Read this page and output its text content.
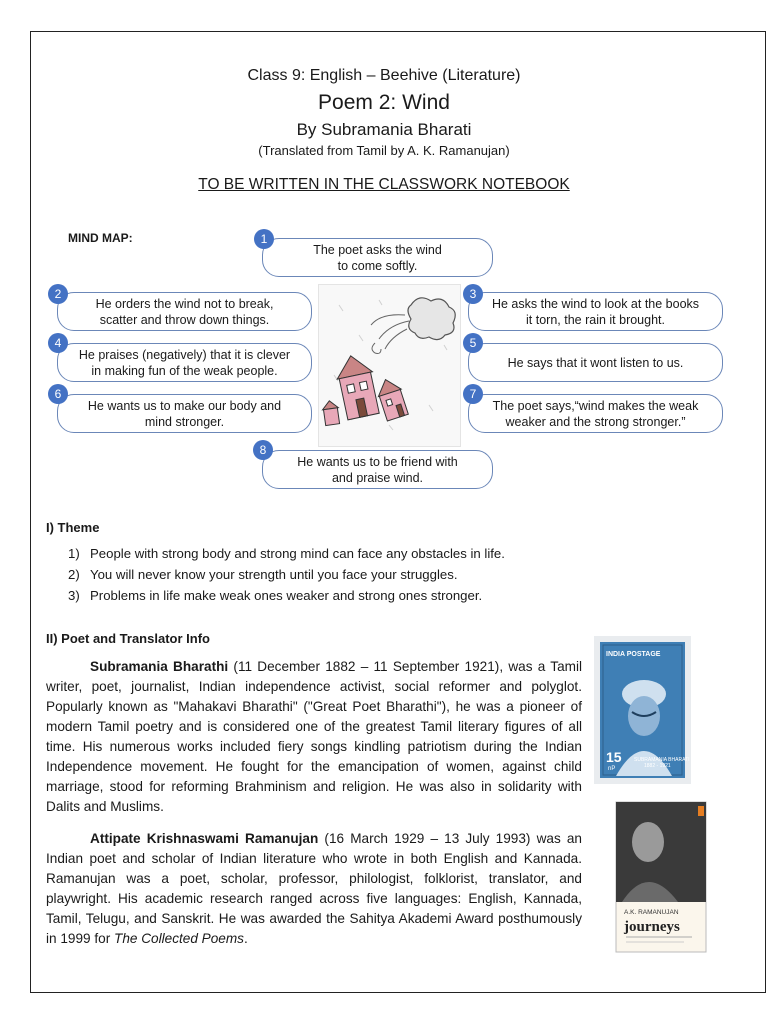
Class 9: English – Beehive (Literature)
Poem 2: Wind
By Subramania Bharati
(Translated from Tamil by A. K. Ramanujan)
TO BE WRITTEN IN THE CLASSWORK NOTEBOOK
MIND MAP:
The poet asks the wind
to come softly.
1
He orders the wind not to break,
scatter and throw down things.
2
He asks the wind to look at the books
it torn, the rain it brought.
3
He praises (negatively) that it is clever
in making fun of the weak people.
4
He says that it wont listen to us.
5
He wants us to make our body and
mind stronger.
6
The poet says,“wind makes the weak
weaker and the strong stronger.”
7
He wants us to be friend with
and praise wind.
8
I) Theme
1) People with strong body and strong mind can face any obstacles in life.
2) You will never know your strength until you face your struggles.
3) Problems in life make weak ones weaker and strong ones stronger.
II) Poet and Translator Info
Subramania Bharathi (11 December 1882 – 11 September 1921), was a Tamil writer, poet, journalist, Indian independence activist, social reformer and polyglot. Popularly known as "Mahakavi Bharathi" ("Great Poet Bharathi"), he was a pioneer of modern Tamil poetry and is considered one of the greatest Tamil literary figures of all time. His numerous works included fiery songs kindling patriotism during the Indian Independence movement. He fought for the emancipation of women, against child marriage, stood for reforming Brahminism and religion. He was also in solidarity with Dalits and Muslims.
Attipate Krishnaswami Ramanujan (16 March 1929 – 13 July 1993) was an Indian poet and scholar of Indian literature who wrote in both English and Kannada. Ramanujan was a poet, scholar, professor, philologist, folklorist, translator, and playwright. His academic research ranged across five languages: English, Kannada, Tamil, Telugu, and Sanskrit. He was awarded the Sahitya Akademi Award posthumously in 1999 for The Collected Poems.
INDIA POSTAGE
15
nP
SUBRAMANIA BHARATI
1882 - 1921
A.K. RAMANUJAN
journeys
